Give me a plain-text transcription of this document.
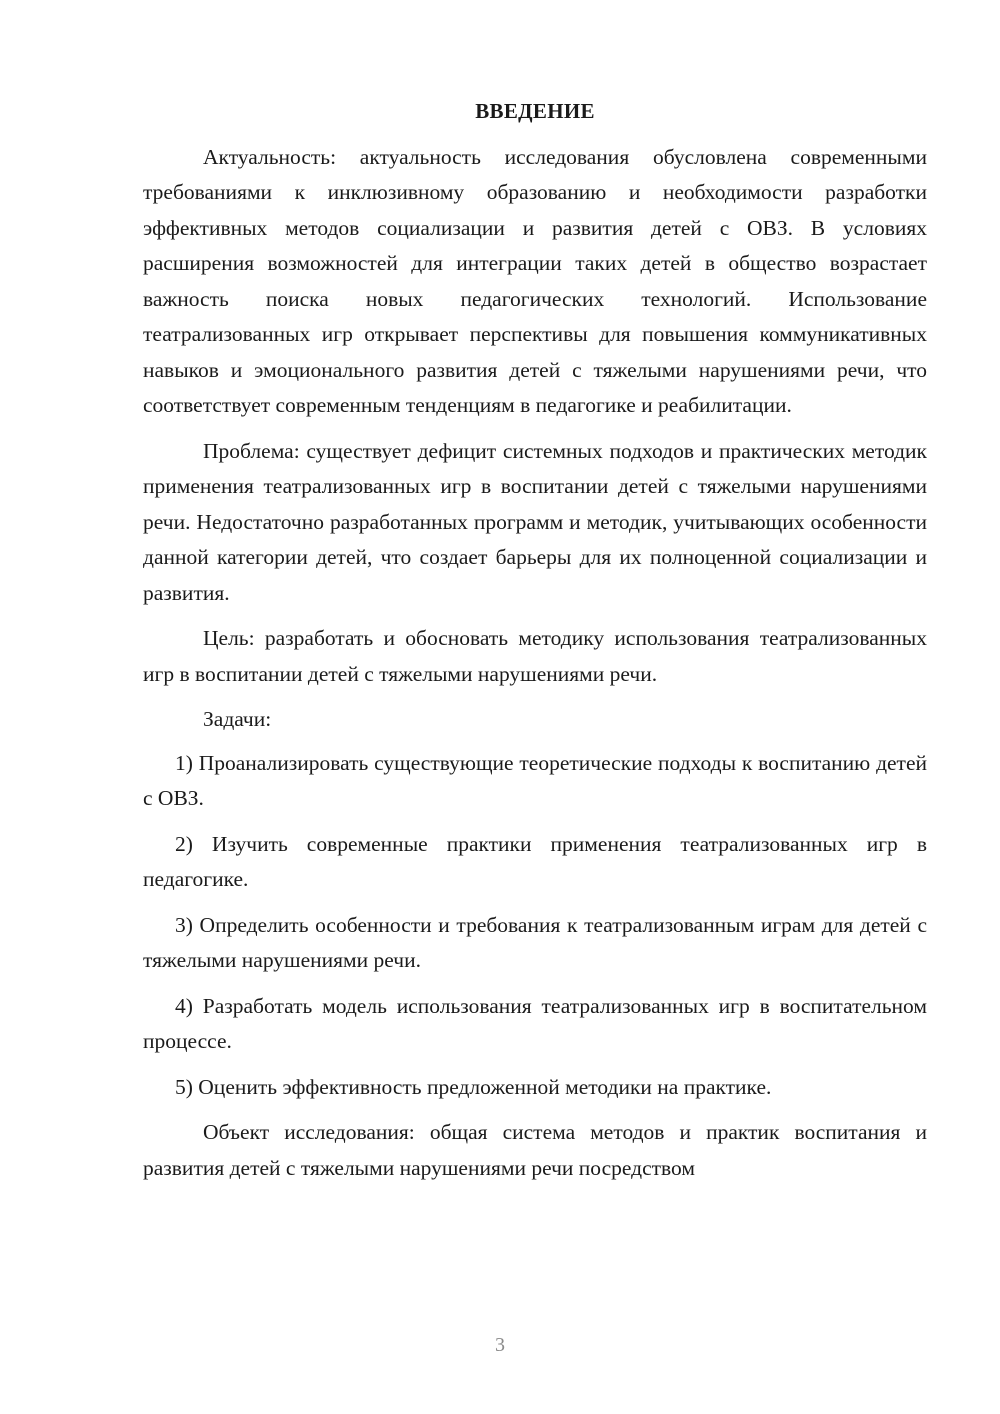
ВВЕДЕНИЕ

Актуальность: актуальность исследования обусловлена современными требованиями к инклюзивному образованию и необходимости разработки эффективных методов социализации и развития детей с ОВЗ. В условиях расширения возможностей для интеграции таких детей в общество возрастает важность поиска новых педагогических технологий. Использование театрализованных игр открывает перспективы для повышения коммуникативных навыков и эмоционального развития детей с тяжелыми нарушениями речи, что соответствует современным тенденциям в педагогике и реабилитации.

Проблема: существует дефицит системных подходов и практических методик применения театрализованных игр в воспитании детей с тяжелыми нарушениями речи. Недостаточно разработанных программ и методик, учитывающих особенности данной категории детей, что создает барьеры для их полноценной социализации и развития.

Цель: разработать и обосновать методику использования театрализованных игр в воспитании детей с тяжелыми нарушениями речи.

Задачи:

1) Проанализировать существующие теоретические подходы к воспитанию детей с ОВЗ.

2) Изучить современные практики применения театрализованных игр в педагогике.

3) Определить особенности и требования к театрализованным играм для детей с тяжелыми нарушениями речи.

4) Разработать модель использования театрализованных игр в воспитательном процессе.

5) Оценить эффективность предложенной методики на практике.

Объект исследования: общая система методов и практик воспитания и развития детей с тяжелыми нарушениями речи посредством

3
